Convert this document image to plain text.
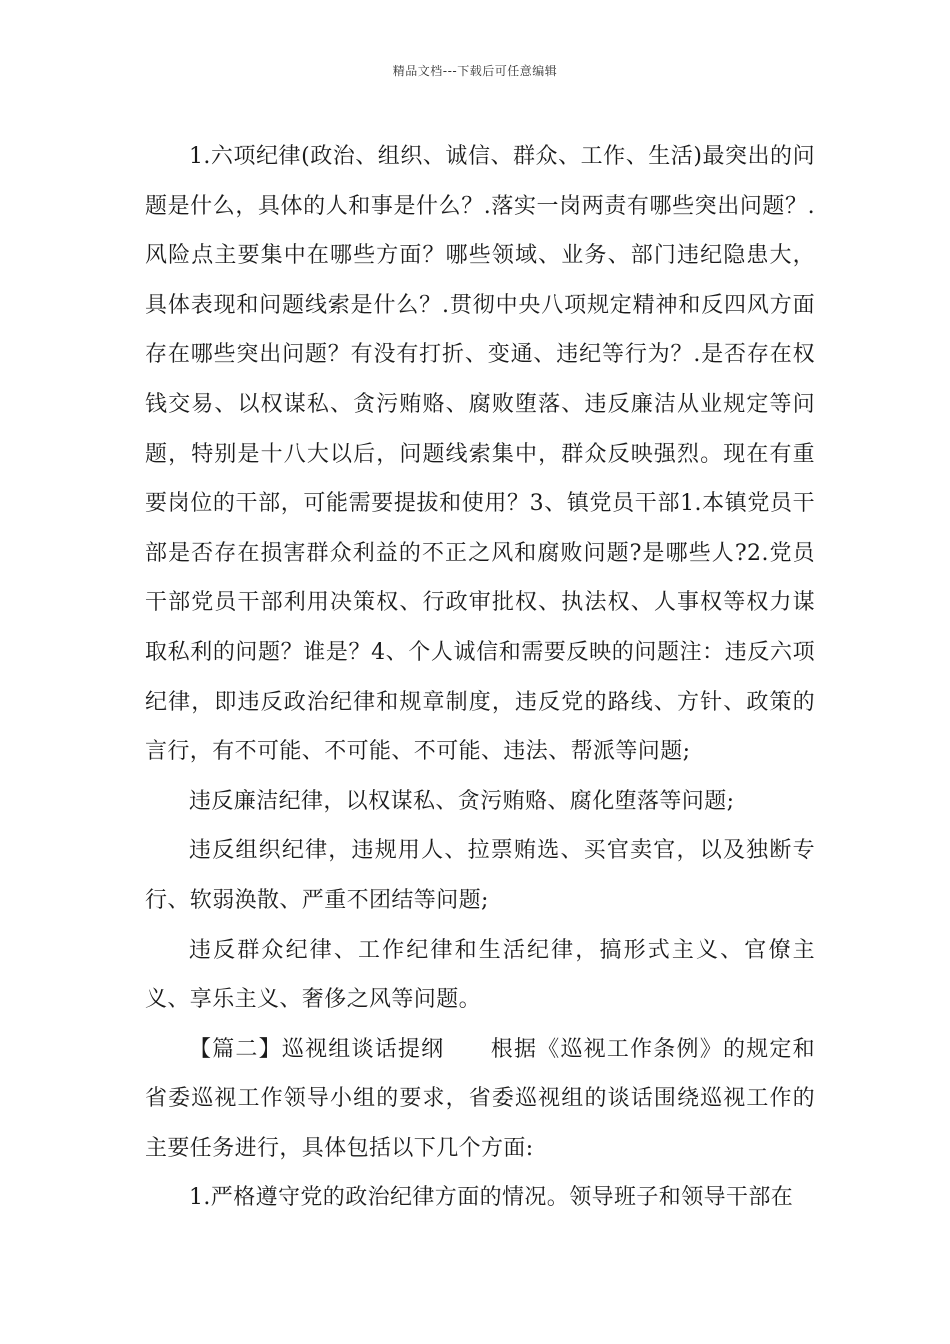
精品文档---下载后可任意编辑

1.六项纪律(政治、组织、诚信、群众、工作、生活)最突出的问题是什么，具体的人和事是什么？.落实一岗两责有哪些突出问题？.风险点主要集中在哪些方面？哪些领域、业务、部门违纪隐患大，具体表现和问题线索是什么？.贯彻中央八项规定精神和反四风方面存在哪些突出问题？有没有打折、变通、违纪等行为？.是否存在权钱交易、以权谋私、贪污贿赂、腐败堕落、违反廉洁从业规定等问题，特别是十八大以后，问题线索集中，群众反映强烈。现在有重要岗位的干部，可能需要提拔和使用？3、镇党员干部1.本镇党员干部是否存在损害群众利益的不正之风和腐败问题?是哪些人?2.党员干部党员干部利用决策权、行政审批权、执法权、人事权等权力谋取私利的问题？谁是？4、个人诚信和需要反映的问题注：违反六项纪律，即违反政治纪律和规章制度，违反党的路线、方针、政策的言行，有不可能、不可能、不可能、违法、帮派等问题;

违反廉洁纪律，以权谋私、贪污贿赂、腐化堕落等问题;

违反组织纪律，违规用人、拉票贿选、买官卖官，以及独断专行、软弱涣散、严重不团结等问题;

违反群众纪律、工作纪律和生活纪律，搞形式主义、官僚主义、享乐主义、奢侈之风等问题。

【篇二】巡视组谈话提纲　　根据《巡视工作条例》的规定和省委巡视工作领导小组的要求，省委巡视组的谈话围绕巡视工作的主要任务进行，具体包括以下几个方面:

1.严格遵守党的政治纪律方面的情况。领导班子和领导干部在
